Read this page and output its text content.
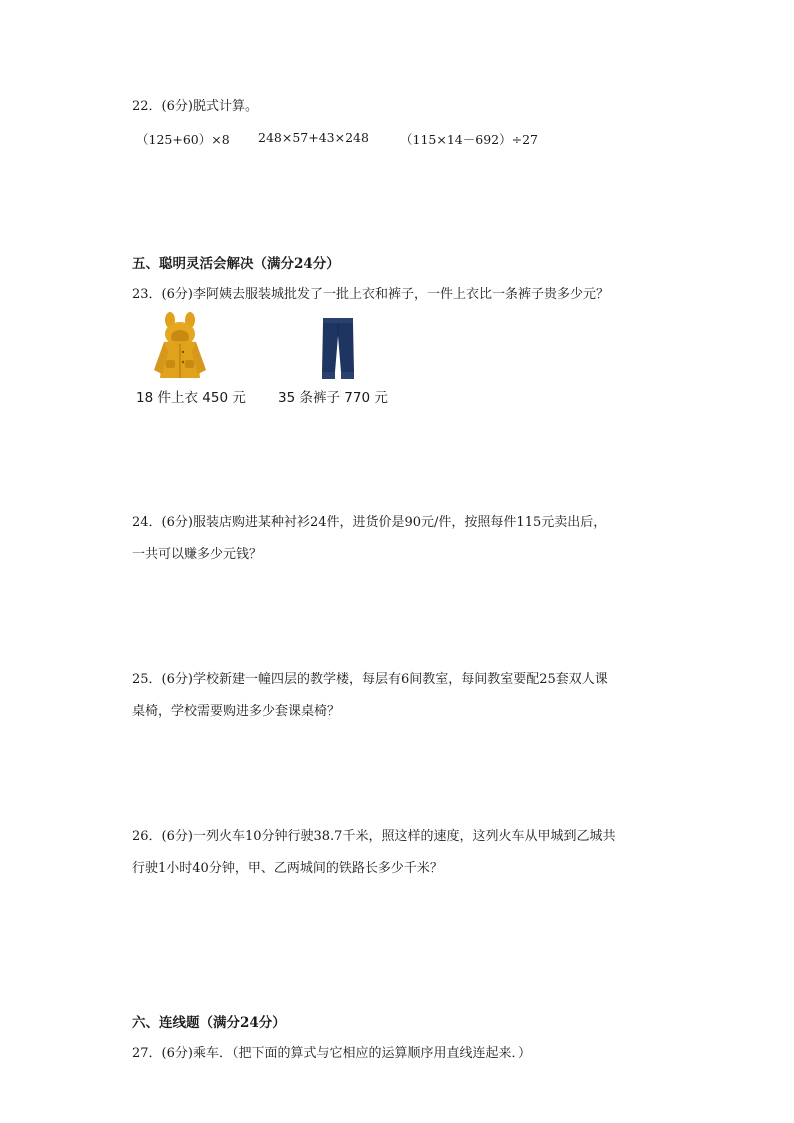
22．(6分)脱式计算。
（125+60）×8 248×57+43×248 （115×14－692）÷27
五、聪明灵活会解决（满分24分）
23．(6分)李阿姨去服装城批发了一批上衣和裤子，一件上衣比一条裤子贵多少元？
18 件上衣 450 元 35 条裤子 770 元
24．(6分)服装店购进某种衬衫24件，进货价是90元/件，按照每件115元卖出后，
一共可以赚多少元钱？
25．(6分)学校新建一幢四层的教学楼，每层有6间教室，每间教室要配25套双人课
桌椅，学校需要购进多少套课桌椅？
26．(6分)一列火车10分钟行驶38.7千米，照这样的速度，这列火车从甲城到乙城共
行驶1小时40分钟，甲、乙两城间的铁路长多少千米？
六、连线题（满分24分）
27．(6分)乘车．（把下面的算式与它相应的运算顺序用直线连起来．）
